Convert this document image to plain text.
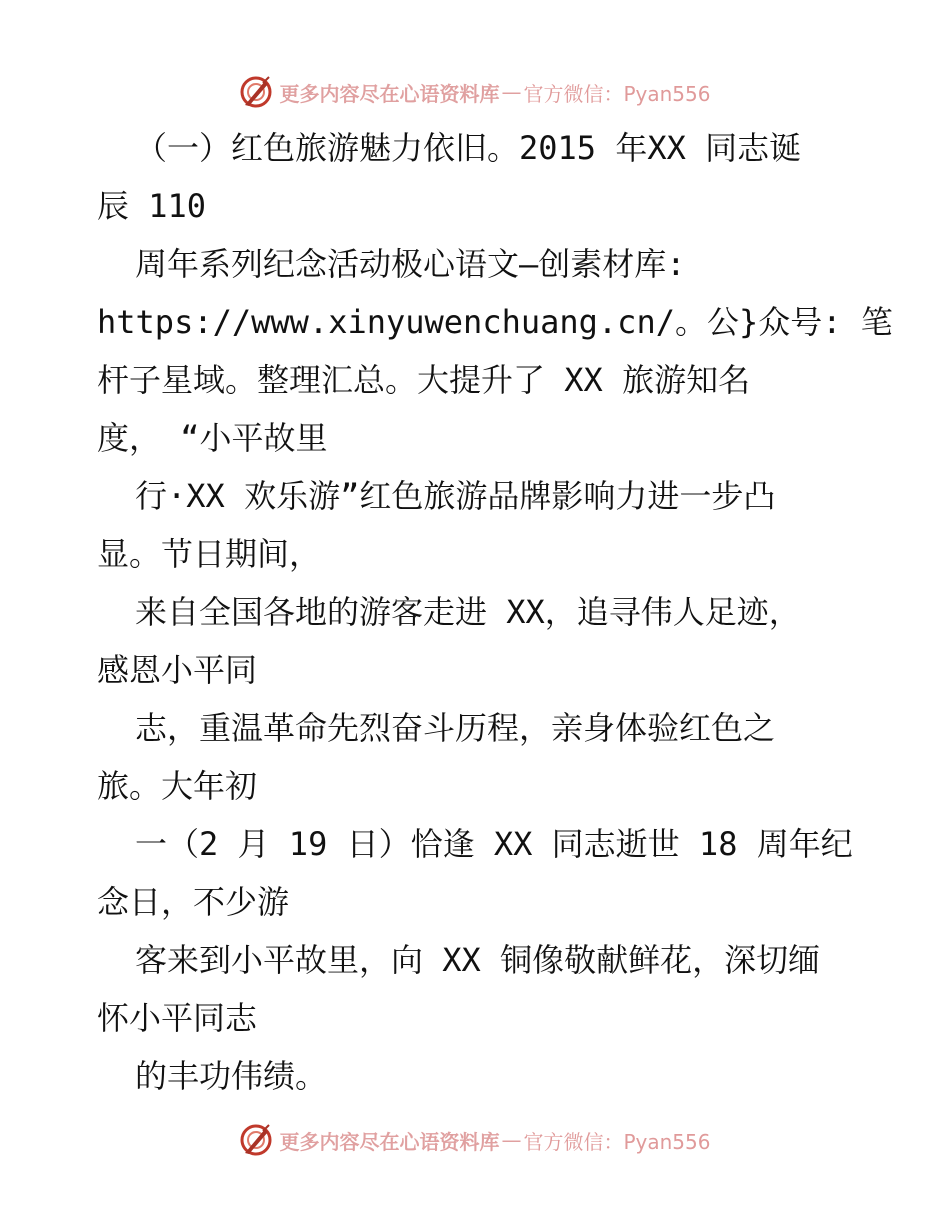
更多内容尽在心语资料库 — 官方微信：Pyan556
（一）红色旅游魅力依旧。2015 年XX 同志诞
辰 110
周年系列纪念活动极心语文—创素材库:
https://www.xinyuwenchuang.cn/。公}众号: 笔
杆子星域。整理汇总。大提升了 XX 旅游知名
度， “小平故里
行·XX 欢乐游”红色旅游品牌影响力进一步凸
显。节日期间，
来自全国各地的游客走进 XX，追寻伟人足迹，
感恩小平同
志，重温革命先烈奋斗历程，亲身体验红色之
旅。大年初
一（2 月 19 日）恰逢 XX 同志逝世 18 周年纪
念日，不少游
客来到小平故里，向 XX 铜像敬献鲜花，深切缅
怀小平同志
的丰功伟绩。
更多内容尽在心语资料库 — 官方微信：Pyan556
